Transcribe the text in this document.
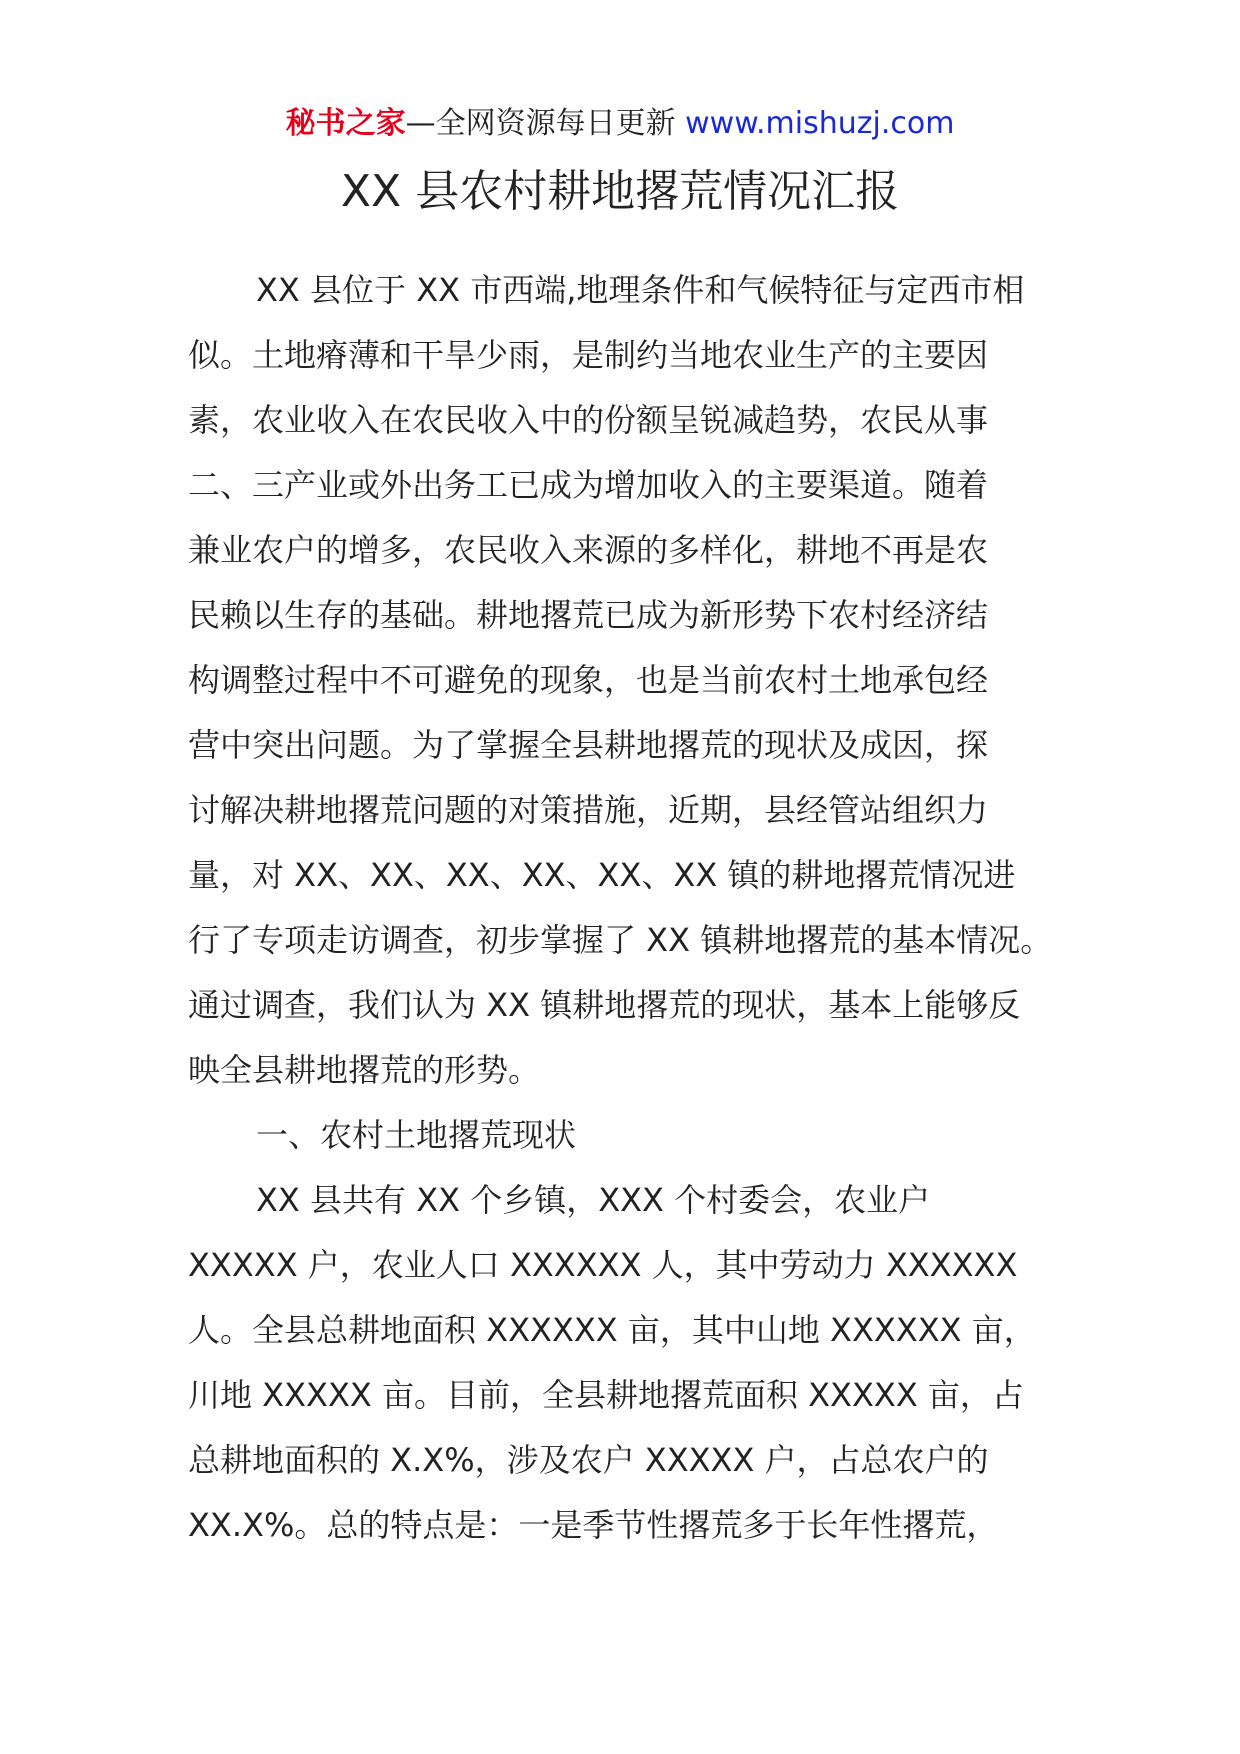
秘书之家—全网资源每日更新 www.mishuzj.com
XX 县农村耕地撂荒情况汇报
XX 县位于 XX 市西端,地理条件和气候特征与定西市相
似。土地瘠薄和干旱少雨，是制约当地农业生产的主要因
素，农业收入在农民收入中的份额呈锐减趋势，农民从事
二、三产业或外出务工已成为增加收入的主要渠道。随着
兼业农户的增多，农民收入来源的多样化，耕地不再是农
民赖以生存的基础。耕地撂荒已成为新形势下农村经济结
构调整过程中不可避免的现象，也是当前农村土地承包经
营中突出问题。为了掌握全县耕地撂荒的现状及成因，探
讨解决耕地撂荒问题的对策措施，近期，县经管站组织力
量，对 XX、XX、XX、XX、XX、XX 镇的耕地撂荒情况进
行了专项走访调查，初步掌握了 XX 镇耕地撂荒的基本情况。
通过调查，我们认为 XX 镇耕地撂荒的现状，基本上能够反
映全县耕地撂荒的形势。
一、农村土地撂荒现状
XX 县共有 XX 个乡镇，XXX 个村委会，农业户
XXXXX 户，农业人口 XXXXXX 人，其中劳动力 XXXXXX
人。全县总耕地面积 XXXXXX 亩，其中山地 XXXXXX 亩，
川地 XXXXX 亩。目前，全县耕地撂荒面积 XXXXX 亩，占
总耕地面积的 X.X%，涉及农户 XXXXX 户，占总农户的
XX.X%。总的特点是：一是季节性撂荒多于长年性撂荒，
